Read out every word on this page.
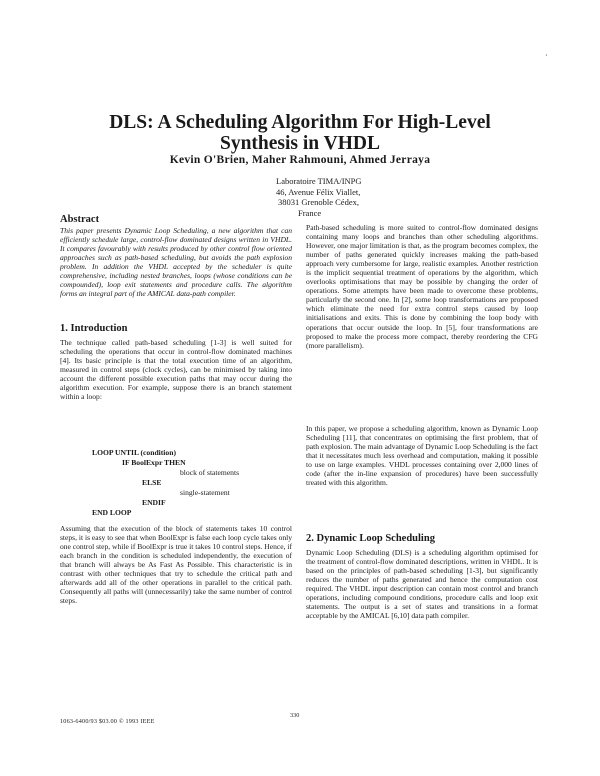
·
DLS: A Scheduling Algorithm For High-Level
Synthesis in VHDL
Kevin O'Brien, Maher Rahmouni, Ahmed Jerraya
Laboratoire TIMA/INPG
46, Avenue Félix Viallet,
38031 Grenoble Cédex,
France
Abstract

This paper presents Dynamic Loop Scheduling, a new algorithm that can efficiently schedule large, control-flow dominated designs written in VHDL. It compares favourably with results produced by other control flow oriented approaches such as path-based scheduling, but avoids the path explosion problem. In addition the VHDL accepted by the scheduler is quite comprehensive, including nested branches, loops (whose conditions can be compounded), loop exit statements and procedure calls. The algorithm forms an integral part of the AMICAL data-path compiler.

1. Introduction

The technique called path-based scheduling [1-3] is well suited for scheduling the operations that occur in control-flow dominated machines [4]. Its basic principle is that the total execution time of an algorithm, measured in control steps (clock cycles), can be minimised by taking into account the different possible execution paths that may occur during the algorithm execution. For example, suppose there is an branch statement within a loop:

LOOP UNTIL (condition)
IF BoolExpr THEN
block of statements
ELSE
single-statement
ENDIF
END LOOP

Assuming that the execution of the block of statements takes 10 control steps, it is easy to see that when BoolExpr is false each loop cycle takes only one control step, while if BoolExpr is true it takes 10 control steps. Hence, if each branch in the condition is scheduled independently, the execution of that branch will always be As Fast As Possible. This characteristic is in contrast with other techniques that try to schedule the critical path and afterwards add all of the other operations in parallel to the critical path. Consequently all paths will (unnecessarily) take the same number of control steps.

Path-based scheduling is more suited to control-flow dominated designs containing many loops and branches than other scheduling algorithms. However, one major limitation is that, as the program becomes complex, the number of paths generated quickly increases making the path-based approach very cumbersome for large, realistic examples. Another restriction is the implicit sequential treatment of operations by the algorithm, which overlooks optimisations that may be possible by changing the order of operations. Some attempts have been made to overcome these problems, particularly the second one. In [2], some loop transformations are proposed which eliminate the need for extra control steps caused by loop initialisations and exits. This is done by combining the loop body with operations that occur outside the loop. In [5], four transformations are proposed to make the process more compact, thereby reordering the CFG (more parallelism).

In this paper, we propose a scheduling algorithm, known as Dynamic Loop Scheduling [11], that concentrates on optimising the first problem, that of path explosion. The main advantage of Dynamic Loop Scheduling is the fact that it necessitates much less overhead and computation, making it possible to use on large examples. VHDL processes containing over 2,000 lines of code (after the in-line expansion of procedures) have been successfully treated with this algorithm.

2. Dynamic Loop Scheduling

Dynamic Loop Scheduling (DLS) is a scheduling algorithm optimised for the treatment of control-flow dominated descriptions, written in VHDL. It is based on the principles of path-based scheduling [1-3], but significantly reduces the number of paths generated and hence the computation cost required. The VHDL input description can contain most control and branch operations, including compound conditions, procedure calls and loop exit statements. The output is a set of states and transitions in a format acceptable by the AMICAL [6,10] data path compiler.

330
1063-6400/93 $03.00 © 1993 IEEE
